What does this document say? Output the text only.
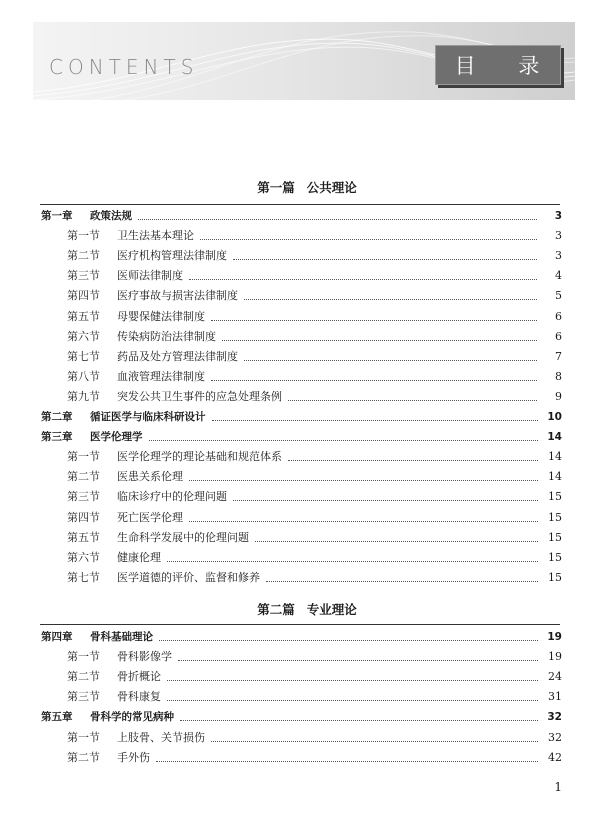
CONTENTS	目 录
第一篇 公共理论
第一章 政策法规	3
第一节 卫生法基本理论	3
第二节 医疗机构管理法律制度	3
第三节 医师法律制度	4
第四节 医疗事故与损害法律制度	5
第五节 母婴保健法律制度	6
第六节 传染病防治法律制度	6
第七节 药品及处方管理法律制度	7
第八节 血液管理法律制度	8
第九节 突发公共卫生事件的应急处理条例	9
第二章 循证医学与临床科研设计	10
第三章 医学伦理学	14
第一节 医学伦理学的理论基础和规范体系	14
第二节 医患关系伦理	14
第三节 临床诊疗中的伦理问题	15
第四节 死亡医学伦理	15
第五节 生命科学发展中的伦理问题	15
第六节 健康伦理	15
第七节 医学道德的评价、监督和修养	15
第二篇 专业理论
第四章 骨科基础理论	19
第一节 骨科影像学	19
第二节 骨折概论	24
第三节 骨科康复	31
第五章 骨科学的常见病种	32
第一节 上肢骨、关节损伤	32
第二节 手外伤	42
1
